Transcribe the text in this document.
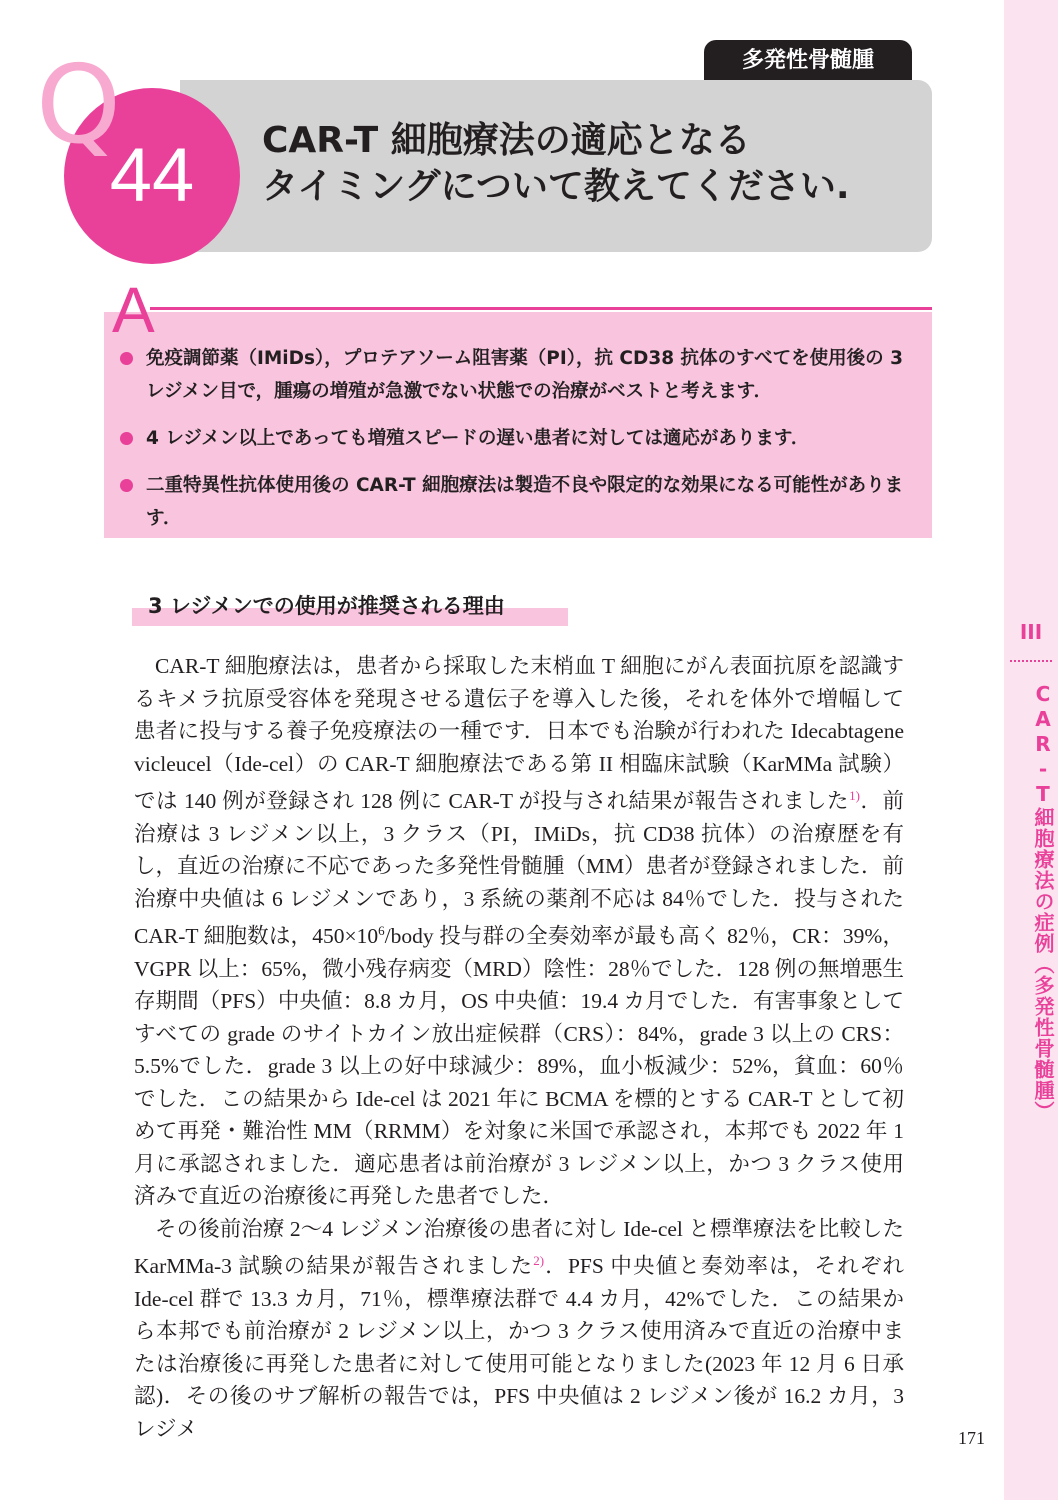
III
CAR-T細胞療法の症例（多発性骨髄腫）
多発性骨髄腫
Q
44	CAR-T 細胞療法の適応となる
タイミングについて教えてください.
A
免疫調節薬（IMiDs），プロテアソーム阻害薬（PI），抗 CD38 抗体のすべてを使用後の 3 レジメン目で，腫瘍の増殖が急激でない状態での治療がベストと考えます．
4 レジメン以上であっても増殖スピードの遅い患者に対しては適応があります．
二重特異性抗体使用後の CAR-T 細胞療法は製造不良や限定的な効果になる可能性があります．
3 レジメンでの使用が推奨される理由

CAR-T 細胞療法は，患者から採取した末梢血 T 細胞にがん表面抗原を認識するキメラ抗原受容体を発現させる遺伝子を導入した後，それを体外で増幅して患者に投与する養子免疫療法の一種です．日本でも治験が行われた Idecabtagene vicleucel（Ide-cel）の CAR-T 細胞療法である第 II 相臨床試験（KarMMa 試験）では 140 例が登録され 128 例に CAR-T が投与され結果が報告されました$^{1)}$．前治療は 3 レジメン以上，3 クラス（PI，IMiDs，抗 CD38 抗体）の治療歴を有し，直近の治療に不応であった多発性骨髄腫（MM）患者が登録されました．前治療中央値は 6 レジメンであり，3 系統の薬剤不応は 84％でした．投与された CAR-T 細胞数は，$450\times 10^6$/body 投与群の全奏効率が最も高く 82％，CR：39%，VGPR 以上：65%，微小残存病変（MRD）陰性：28％でした．128 例の無増悪生存期間（PFS）中央値：8.8 カ月，OS 中央値：19.4 カ月でした．有害事象としてすべての grade のサイトカイン放出症候群（CRS）：84%，grade 3 以上の CRS：5.5%でした．grade 3 以上の好中球減少：89%，血小板減少：52%，貧血：60％でした．この結果から Ide-cel は 2021 年に BCMA を標的とする CAR-T として初めて再発・難治性 MM（RRMM）を対象に米国で承認され，本邦でも 2022 年 1 月に承認されました．適応患者は前治療が 3 レジメン以上，かつ 3 クラス使用済みで直近の治療後に再発した患者でした．

その後前治療 2〜4 レジメン治療後の患者に対し Ide-cel と標準療法を比較した KarMMa-3 試験の結果が報告されました$^{2)}$．PFS 中央値と奏効率は，それぞれ Ide-cel 群で 13.3 カ月，71％，標準療法群で 4.4 カ月，42%でした．この結果から本邦でも前治療が 2 レジメン以上，かつ 3 クラス使用済みで直近の治療中または治療後に再発した患者に対して使用可能となりました(2023 年 12 月 6 日承認)．その後のサブ解析の報告では，PFS 中央値は 2 レジメン後が 16.2 カ月，3 レジメ	171
